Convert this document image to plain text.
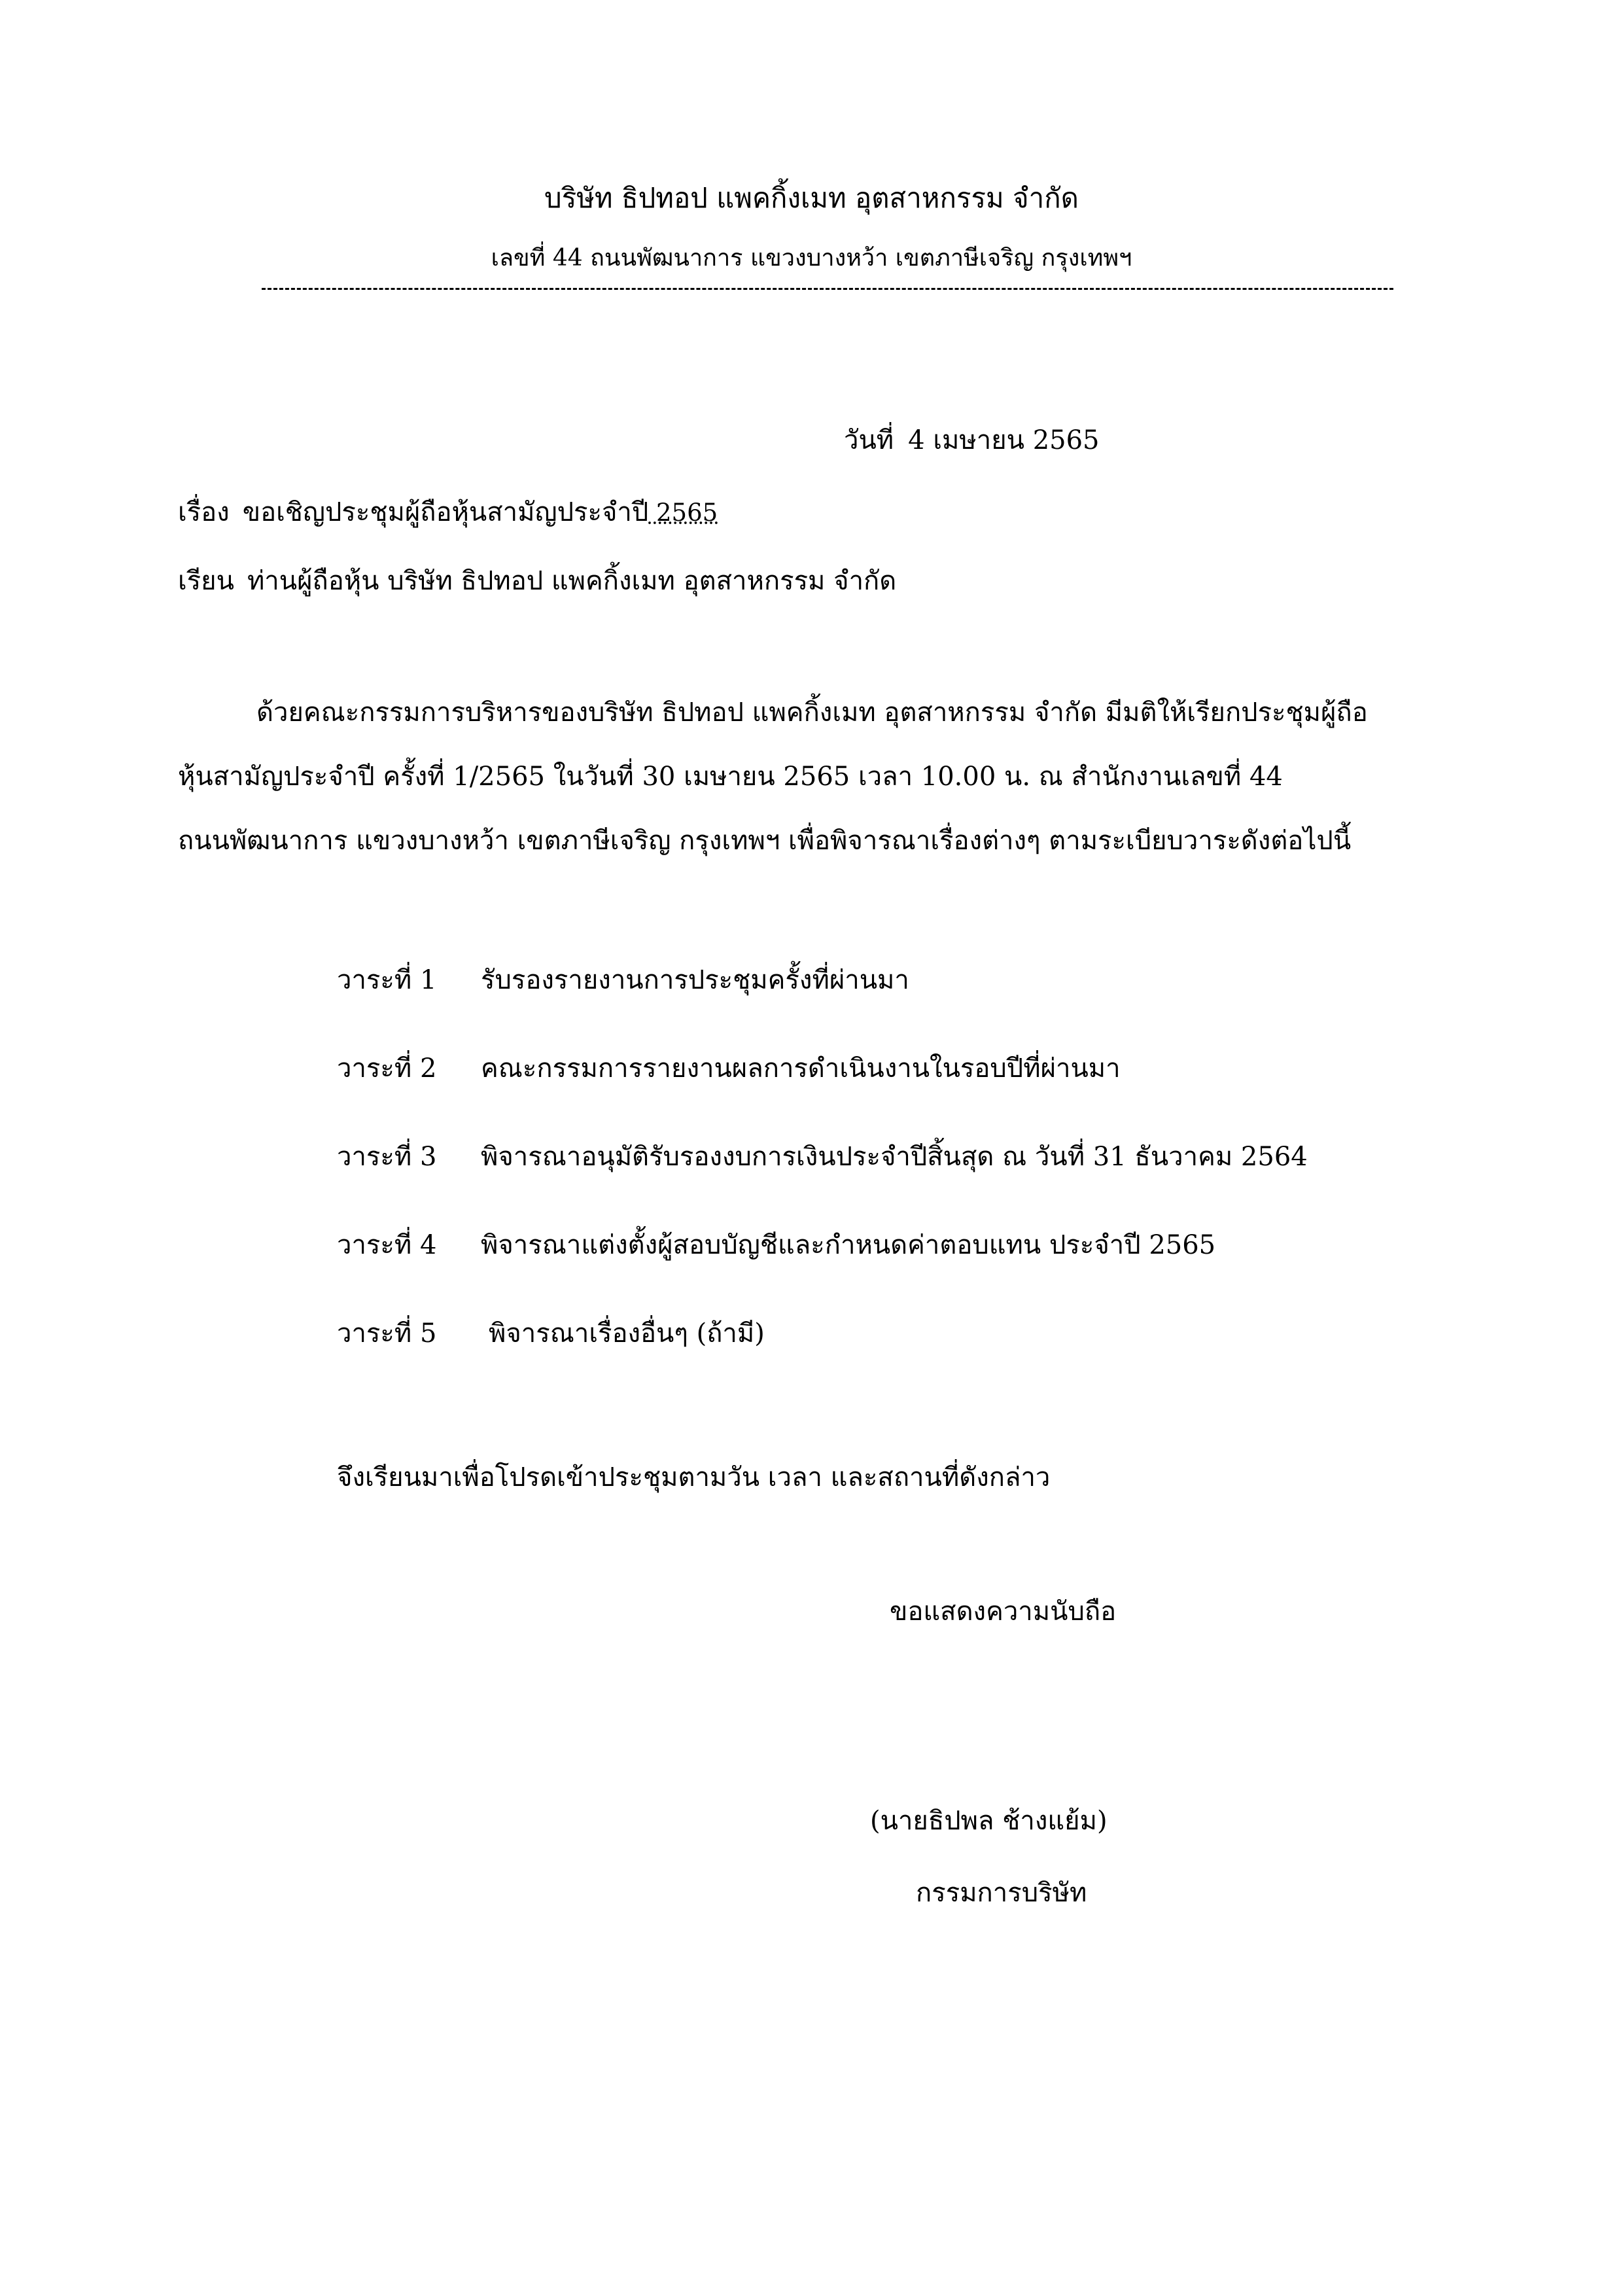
บริษัท ธิปทอป แพคกิ้งเมท อุตสาหกรรม จำกัด
เลขที่ 44 ถนนพัฒนาการ แขวงบางหว้า เขตภาษีเจริญ กรุงเทพฯ
วันที่ 4 เมษายน 2565
เรื่อง ขอเชิญประชุมผู้ถือหุ้นสามัญประจำปี 2565
เรียน ท่านผู้ถือหุ้น บริษัท ธิปทอป แพคกิ้งเมท อุตสาหกรรม จำกัด
ด้วยคณะกรรมการบริหารของบริษัท ธิปทอป แพคกิ้งเมท อุตสาหกรรม จำกัด มีมติให้เรียกประชุมผู้ถือ
หุ้นสามัญประจำปี ครั้งที่ 1/2565 ในวันที่ 30 เมษายน 2565 เวลา 10.00 น. ณ สำนักงานเลขที่ 44
ถนนพัฒนาการ แขวงบางหว้า เขตภาษีเจริญ กรุงเทพฯ เพื่อพิจารณาเรื่องต่างๆ ตามระเบียบวาระดังต่อไปนี้
วาระที่ 1 รับรองรายงานการประชุมครั้งที่ผ่านมา
วาระที่ 2 คณะกรรมการรายงานผลการดำเนินงานในรอบปีที่ผ่านมา
วาระที่ 3 พิจารณาอนุมัติรับรองงบการเงินประจำปีสิ้นสุด ณ วันที่ 31 ธันวาคม 2564
วาระที่ 4 พิจารณาแต่งตั้งผู้สอบบัญชีและกำหนดค่าตอบแทน ประจำปี 2565
วาระที่ 5 พิจารณาเรื่องอื่นๆ (ถ้ามี)
จึงเรียนมาเพื่อโปรดเข้าประชุมตามวัน เวลา และสถานที่ดังกล่าว
ขอแสดงความนับถือ
(นายธิปพล ช้างแย้ม)
กรรมการบริษัท
